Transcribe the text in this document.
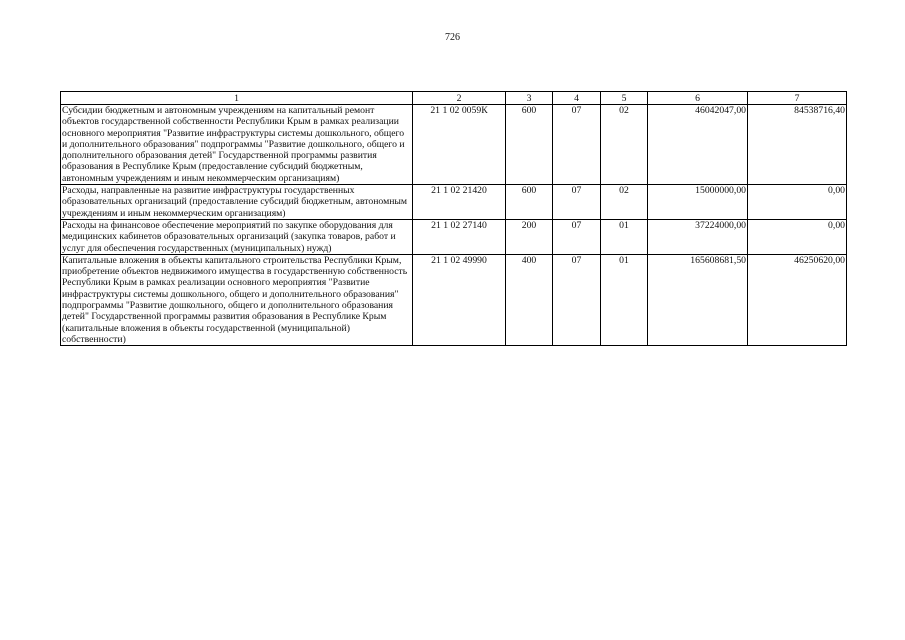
726
1	2	3	4	5	6	7
Субсидии бюджетным и автономным учреждениям на капитальный ремонт объектов государственной собственности Республики Крым в рамках реализации основного мероприятия "Развитие инфраструктуры системы дошкольного, общего и дополнительного образования" подпрограммы "Развитие дошкольного, общего и дополнительного образования детей" Государственной программы развития образования в Республике Крым (предоставление субсидий бюджетным, автономным учреждениям и иным некоммерческим организациям)	21 1 02 0059К	600	07	02	46042047,00	84538716,40
Расходы, направленные на развитие инфраструктуры государственных образовательных организаций (предоставление субсидий бюджетным, автономным учреждениям и иным некоммерческим организациям)	21 1 02 21420	600	07	02	15000000,00	0,00
Расходы на финансовое обеспечение мероприятий по закупке оборудования для медицинских кабинетов образовательных организаций (закупка товаров, работ и услуг для обеспечения государственных (муниципальных) нужд)	21 1 02 27140	200	07	01	37224000,00	0,00
Капитальные вложения в объекты капитального строительства Республики Крым, приобретение объектов недвижимого имущества в государственную собственность Республики Крым в рамках реализации основного мероприятия "Развитие инфраструктуры системы дошкольного, общего и дополнительного образования" подпрограммы "Развитие дошкольного, общего и дополнительного образования детей" Государственной программы развития образования в Республике Крым (капитальные вложения в объекты государственной (муниципальной) собственности)	21 1 02 49990	400	07	01	165608681,50	46250620,00
